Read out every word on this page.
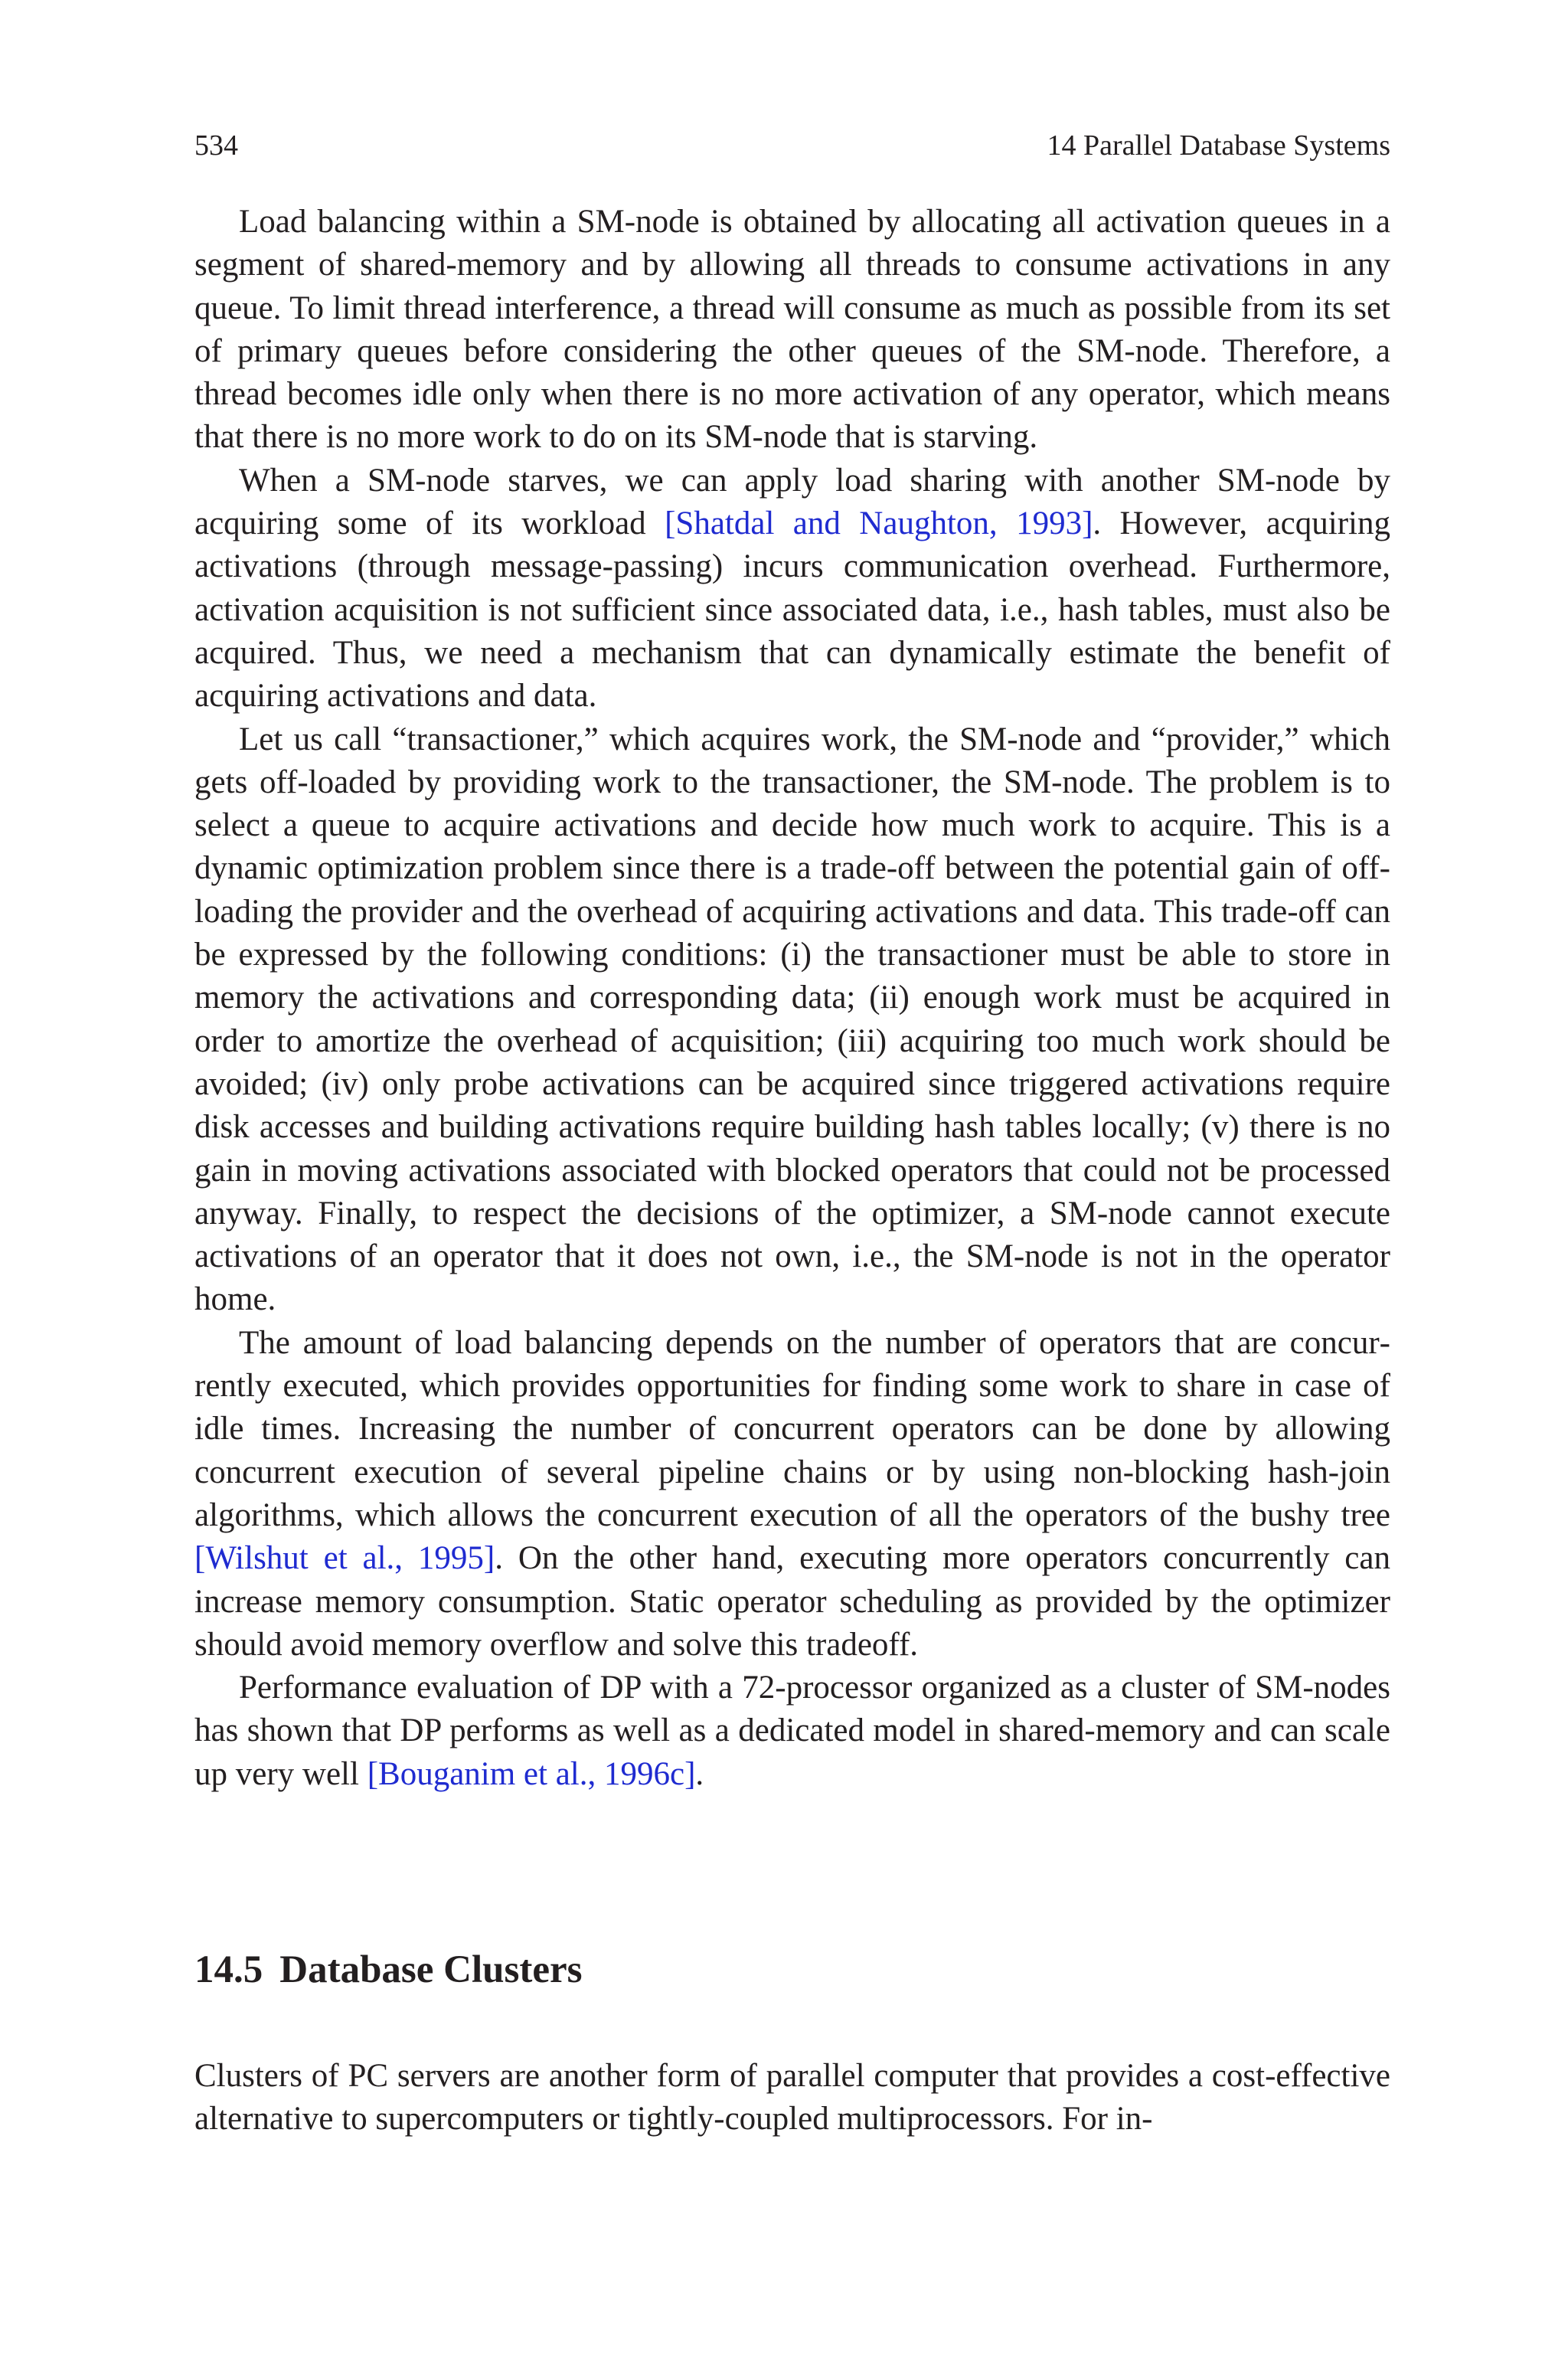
534	14 Parallel Database Systems

Load balancing within a SM-node is obtained by allocating all activation queues in a segment of shared-memory and by allowing all threads to consume activations in any queue. To limit thread interference, a thread will consume as much as possible from its set of primary queues before considering the other queues of the SM-node. Therefore, a thread becomes idle only when there is no more activation of any operator, which means that there is no more work to do on its SM-node that is starving.

When a SM-node starves, we can apply load sharing with another SM-node by acquiring some of its workload [Shatdal and Naughton, 1993]. However, acquiring activations (through message-passing) incurs communication overhead. Furthermore, activation acquisition is not sufficient since associated data, i.e., hash tables, must also be acquired. Thus, we need a mechanism that can dynamically estimate the benefit of acquiring activations and data.

Let us call “transactioner,” which acquires work, the SM-node and “provider,” which gets off-loaded by providing work to the transactioner, the SM-node. The problem is to select a queue to acquire activations and decide how much work to acquire. This is a dynamic optimization problem since there is a trade-off between the potential gain of off-loading the provider and the overhead of acquiring activations and data. This trade-off can be expressed by the following conditions: (i) the transactioner must be able to store in memory the activations and corresponding data; (ii) enough work must be acquired in order to amortize the overhead of acquisition; (iii) acquiring too much work should be avoided; (iv) only probe activations can be acquired since triggered activations require disk accesses and building activations require building hash tables locally; (v) there is no gain in moving activations associated with blocked operators that could not be processed anyway. Finally, to respect the decisions of the optimizer, a SM-node cannot execute activations of an operator that it does not own, i.e., the SM-node is not in the operator home.

The amount of load balancing depends on the number of operators that are concurrently executed, which provides opportunities for finding some work to share in case of idle times. Increasing the number of concurrent operators can be done by allowing concurrent execution of several pipeline chains or by using non-blocking hash-join algorithms, which allows the concurrent execution of all the operators of the bushy tree [Wilshut et al., 1995]. On the other hand, executing more operators concurrently can increase memory consumption. Static operator scheduling as provided by the optimizer should avoid memory overflow and solve this tradeoff.

Performance evaluation of DP with a 72-processor organized as a cluster of SM-nodes has shown that DP performs as well as a dedicated model in shared-memory and can scale up very well [Bouganim et al., 1996c].

14.5 Database Clusters

Clusters of PC servers are another form of parallel computer that provides a cost-effective alternative to supercomputers or tightly-coupled multiprocessors. For in-
